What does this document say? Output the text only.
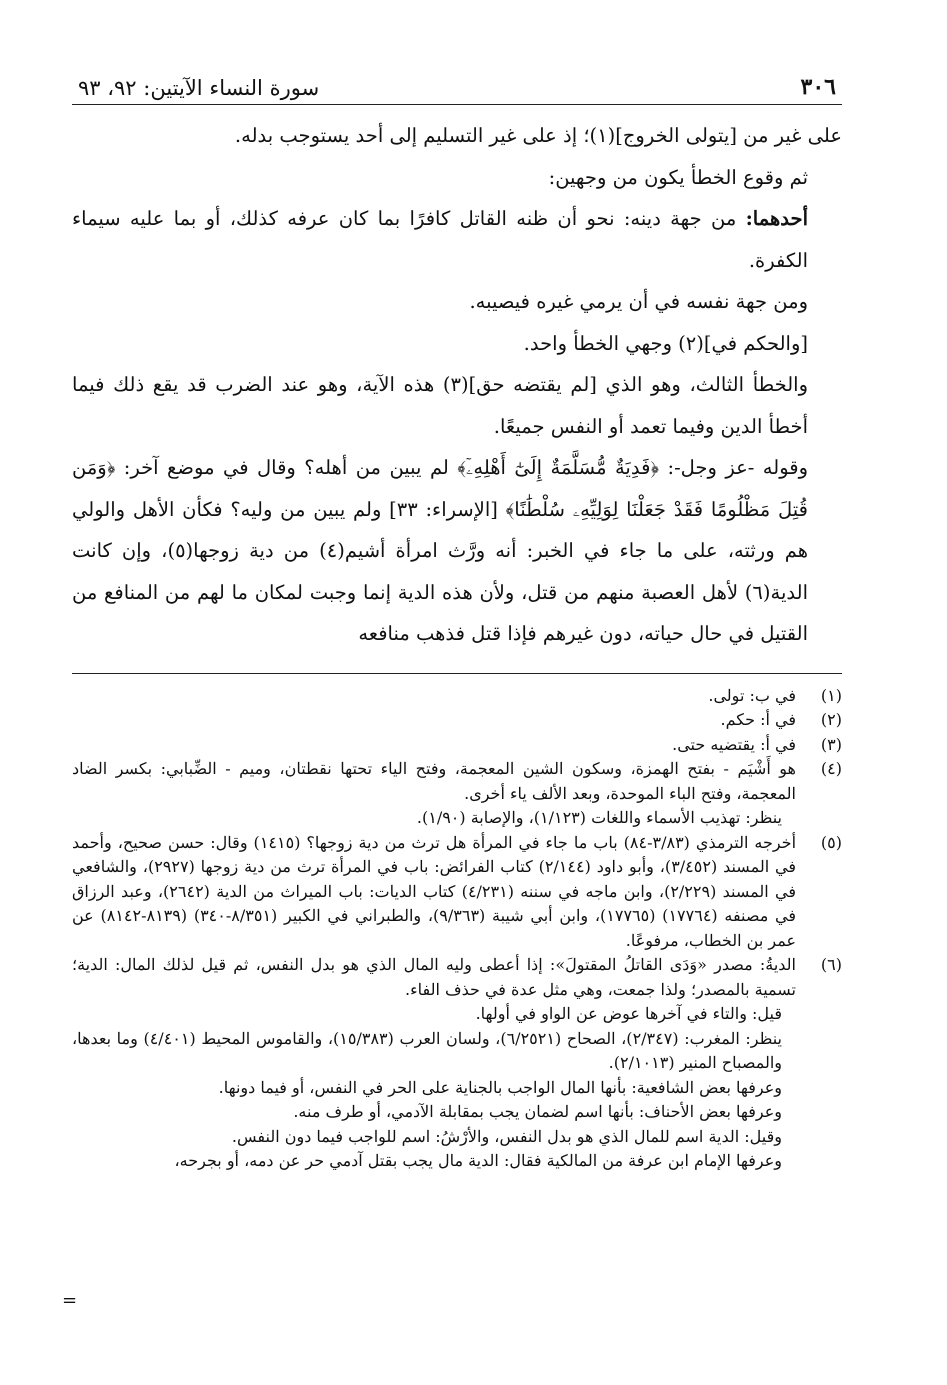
٣٠٦
سورة النساء الآيتين: ٩٢، ٩٣

على غير من [يتولى الخروج](١)؛ إذ على غير التسليم إلى أحد يستوجب بدله.

ثم وقوع الخطأ يكون من وجهين:

أحدهما: من جهة دينه: نحو أن ظنه القاتل كافرًا بما كان عرفه كذلك، أو بما عليه سيماء الكفرة.

ومن جهة نفسه في أن يرمي غيره فيصيبه.

[والحكم في](٢) وجهي الخطأ واحد.

والخطأ الثالث، وهو الذي [لم يقتضه حق](٣) هذه الآية، وهو عند الضرب قد يقع ذلك فيما أخطأ الدين وفيما تعمد أو النفس جميعًا.

وقوله -عز وجل-: ﴿فَدِيَةٌ مُّسَلَّمَةٌ إِلَىٰٓ أَهْلِهِۦٓ﴾ لم يبين من أهله؟ وقال في موضع آخر: ﴿وَمَن قُتِلَ مَظْلُومًا فَقَدْ جَعَلْنَا لِوَلِيِّهِۦ سُلْطَٰنًا﴾ [الإسراء: ٣٣] ولم يبين من وليه؟ فكأن الأهل والولي هم ورثته، على ما جاء في الخبر: أنه ورَّث امرأة أشيم(٤) من دية زوجها(٥)، وإن كانت الدية(٦) لأهل العصبة منهم من قتل، ولأن هذه الدية إنما وجبت لمكان ما لهم من المنافع من القتيل في حال حياته، دون غيرهم فإذا قتل فذهب منافعه

(١)

في ب: تولى.

(٢)

في أ: حكم.

(٣)

في أ: يقتضيه حتى.

(٤)

هو أَشْيَم - بفتح الهمزة، وسكون الشين المعجمة، وفتح الياء تحتها نقطتان، وميم - الضِّبابي: بكسر الضاد المعجمة، وفتح الباء الموحدة، وبعد الألف ياء أخرى.

ينظر: تهذيب الأسماء واللغات (١/١٢٣)، والإصابة (١/٩٠).

(٥)

أخرجه الترمذي (٣/٨٣-٨٤) باب ما جاء في المرأة هل ترث من دية زوجها؟ (١٤١٥) وقال: حسن صحيح، وأحمد في المسند (٣/٤٥٢)، وأبو داود (٢/١٤٤) كتاب الفرائض: باب في المرأة ترث من دية زوجها (٢٩٢٧)، والشافعي في المسند (٢/٢٢٩)، وابن ماجه في سننه (٤/٢٣١) كتاب الديات: باب الميراث من الدية (٢٦٤٢)، وعبد الرزاق في مصنفه (١٧٧٦٤) (١٧٧٦٥)، وابن أبي شيبة (٩/٣٦٣)، والطبراني في الكبير (٨/٣٥١-٣٤٠) (٨١٣٩-٨١٤٢) عن عمر بن الخطاب، مرفوعًا.

(٦)

الديةُ: مصدر «وَدَى القاتلُ المقتولَ»: إذا أعطى وليه المال الذي هو بدل النفس، ثم قيل لذلك المال: الدية؛ تسمية بالمصدر؛ ولذا جمعت، وهي مثل عدة في حذف الفاء.

قيل: والتاء في آخرها عوض عن الواو في أولها.

ينظر: المغرب: (٢/٣٤٧)، الصحاح (٦/٢٥٢١)، ولسان العرب (١٥/٣٨٣)، والقاموس المحيط (٤/٤٠١) وما بعدها، والمصباح المنير (٢/١٠١٣).

وعرفها بعض الشافعية: بأنها المال الواجب بالجناية على الحر في النفس، أو فيما دونها.

وعرفها بعض الأحناف: بأنها اسم لضمان يجب بمقابلة الآدمي، أو طرف منه.

وقيل: الدية اسم للمال الذي هو بدل النفس، والأرْشُ: اسم للواجب فيما دون النفس.

وعرفها الإمام ابن عرفة من المالكية فقال: الدية مال يجب بقتل آدمي حر عن دمه، أو بجرحه،

=
